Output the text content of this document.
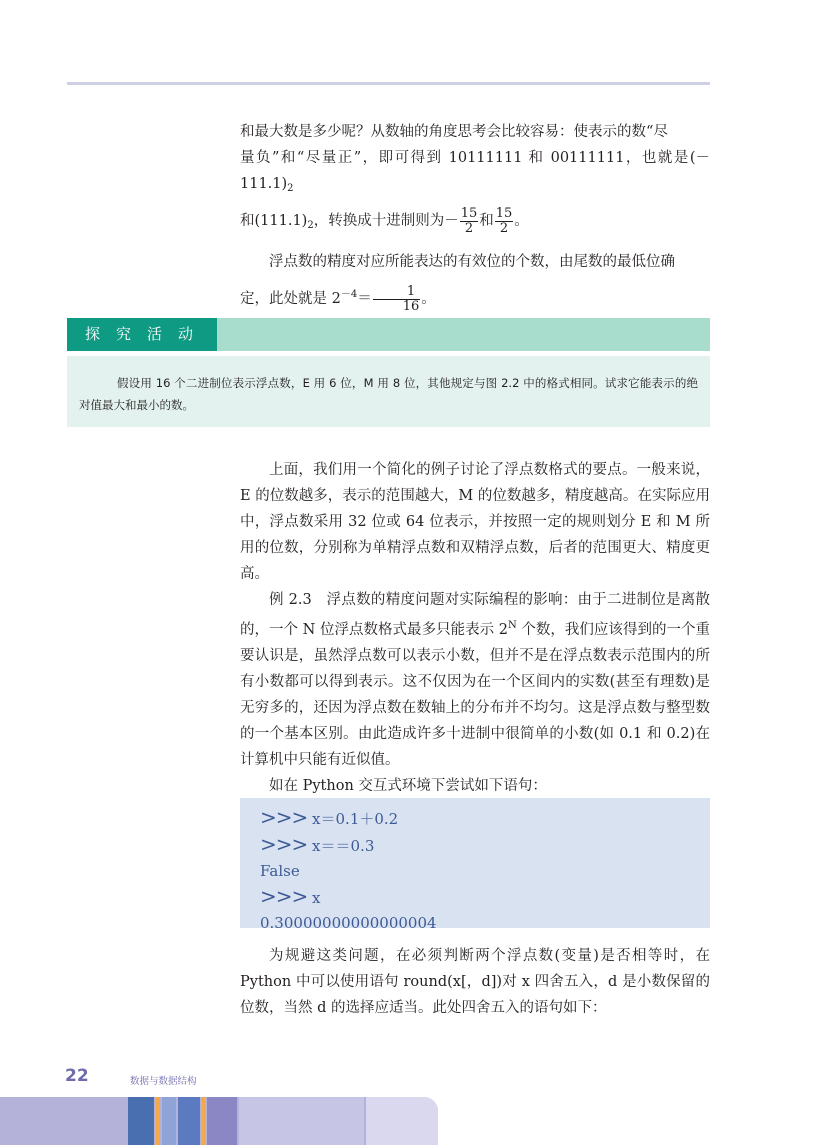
和最大数是多少呢？从数轴的角度思考会比较容易：使表示的数“尽
量负”和“尽量正”，即可得到 10111111 和 00111111，也就是$(-111.1)_2$
和$(111.1)_2$，转换成十进制则为－ $\frac{15}{2}$ 和 $\frac{15}{2}$ 。

浮点数的精度对应所能表达的有效位的个数，由尾数的最低位确
定，此处就是 $2^{-4}= \frac{1}{16}$ 。

探究活动

假设用 16 个二进制位表示浮点数，E 用 6 位，M 用 8 位，其他规定与图 2.2 中的格式相同。试求它能表示的绝对值最大和最小的数。

上面，我们用一个简化的例子讨论了浮点数格式的要点。一般来说，E 的位数越多，表示的范围越大，M 的位数越多，精度越高。在实际应用中，浮点数采用 32 位或 64 位表示，并按照一定的规则划分 E 和 M 所用的位数，分别称为单精浮点数和双精浮点数，后者的范围更大、精度更高。

例 2.3　浮点数的精度问题对实际编程的影响：由于二进制位是离散的，一个 N 位浮点数格式最多只能表示 $2^N$ 个数，我们应该得到的一个重要认识是，虽然浮点数可以表示小数，但并不是在浮点数表示范围内的所有小数都可以得到表示。这不仅因为在一个区间内的实数(甚至有理数)是无穷多的，还因为浮点数在数轴上的分布并不均匀。这是浮点数与整型数的一个基本区别。由此造成许多十进制中很简单的小数(如 0.1 和 0.2)在计算机中只能有近似值。

如在 Python 交互式环境下尝试如下语句：

>>> x＝0.1＋0.2
>>> x＝＝0.3
False
>>> x
0.30000000000000004

为规避这类问题，在必须判断两个浮点数(变量)是否相等时，在 Python 中可以使用语句 round(x[，d])对 x 四舍五入，d 是小数保留的位数，当然 d 的选择应适当。此处四舍五入的语句如下：

22	数据与数据结构
